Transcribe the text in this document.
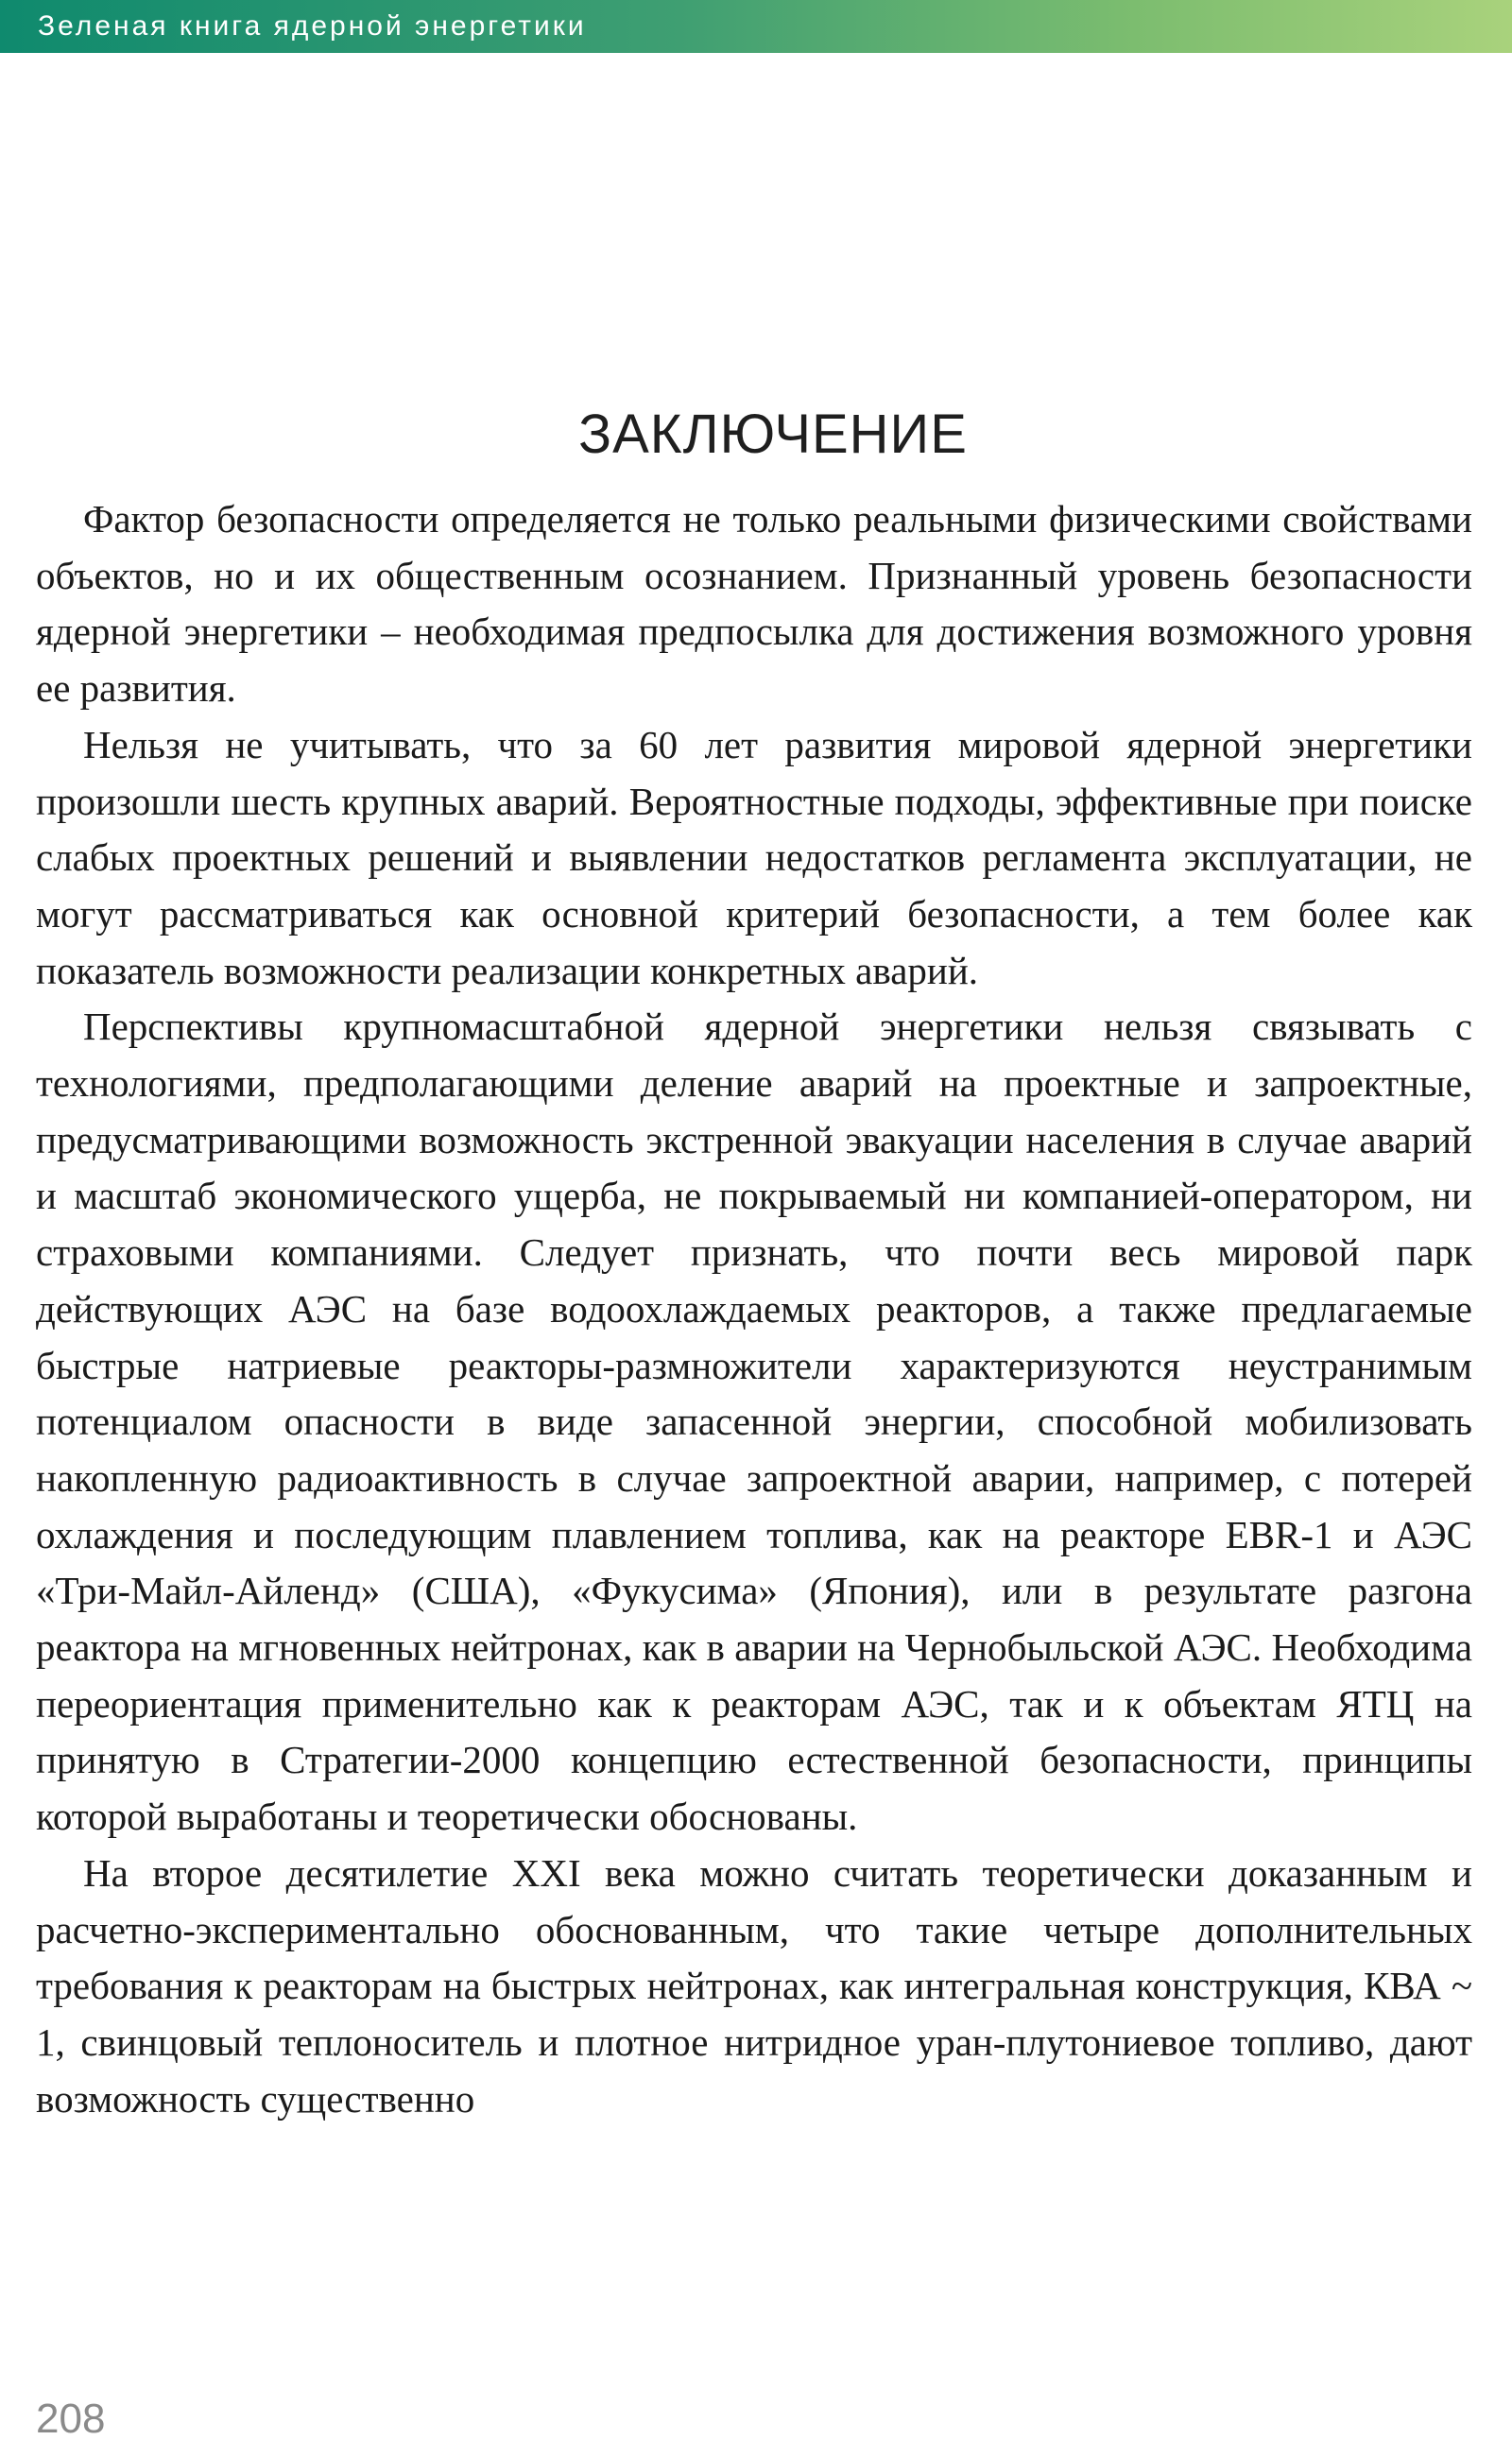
Зеленая книга ядерной энергетики
ЗАКЛЮЧЕНИЕ

Фактор безопасности определяется не только реальными физическими свойствами объектов, но и их общественным осознанием. Признанный уровень безопасности ядерной энергетики – необходимая предпосылка для достижения возможного уровня ее развития.

Нельзя не учитывать, что за 60 лет развития мировой ядерной энергетики произошли шесть крупных аварий. Вероятностные подходы, эффективные при поиске слабых проектных решений и выявлении недостатков регламента эксплуатации, не могут рассматриваться как основной критерий безопасности, а тем более как показатель возможности реализации конкретных аварий.

Перспективы крупномасштабной ядерной энергетики нельзя связывать с технологиями, предполагающими деление аварий на проектные и запроектные, предусматривающими возможность экстренной эвакуации населения в случае аварий и масштаб экономического ущерба, не покрываемый ни компанией-оператором, ни страховыми компаниями. Следует признать, что почти весь мировой парк действующих АЭС на базе водоохлаждаемых реакторов, а также предлагаемые быстрые натриевые реакторы-размножители характеризуются неустранимым потенциалом опасности в виде запасенной энергии, способной мобилизовать накопленную радиоактивность в случае запроектной аварии, например, с потерей охлаждения и последующим плавлением топлива, как на реакторе EBR-1 и АЭС «Три-Майл-Айленд» (США), «Фукусима» (Япония), или в результате разгона реактора на мгновенных нейтронах, как в аварии на Чернобыльской АЭС. Необходима переориентация применительно как к реакторам АЭС, так и к объектам ЯТЦ на принятую в Стратегии-2000 концепцию естественной безопасности, принципы которой выработаны и теоретически обоснованы.

На второе десятилетие XXI века можно считать теоретически доказанным и расчетно-экспериментально обоснованным, что такие четыре дополнительных требования к реакторам на быстрых нейтронах, как интегральная конструкция, КВА ~ 1, свинцовый теплоноситель и плотное нитридное уран-плутониевое топливо, дают возможность существенно

208
